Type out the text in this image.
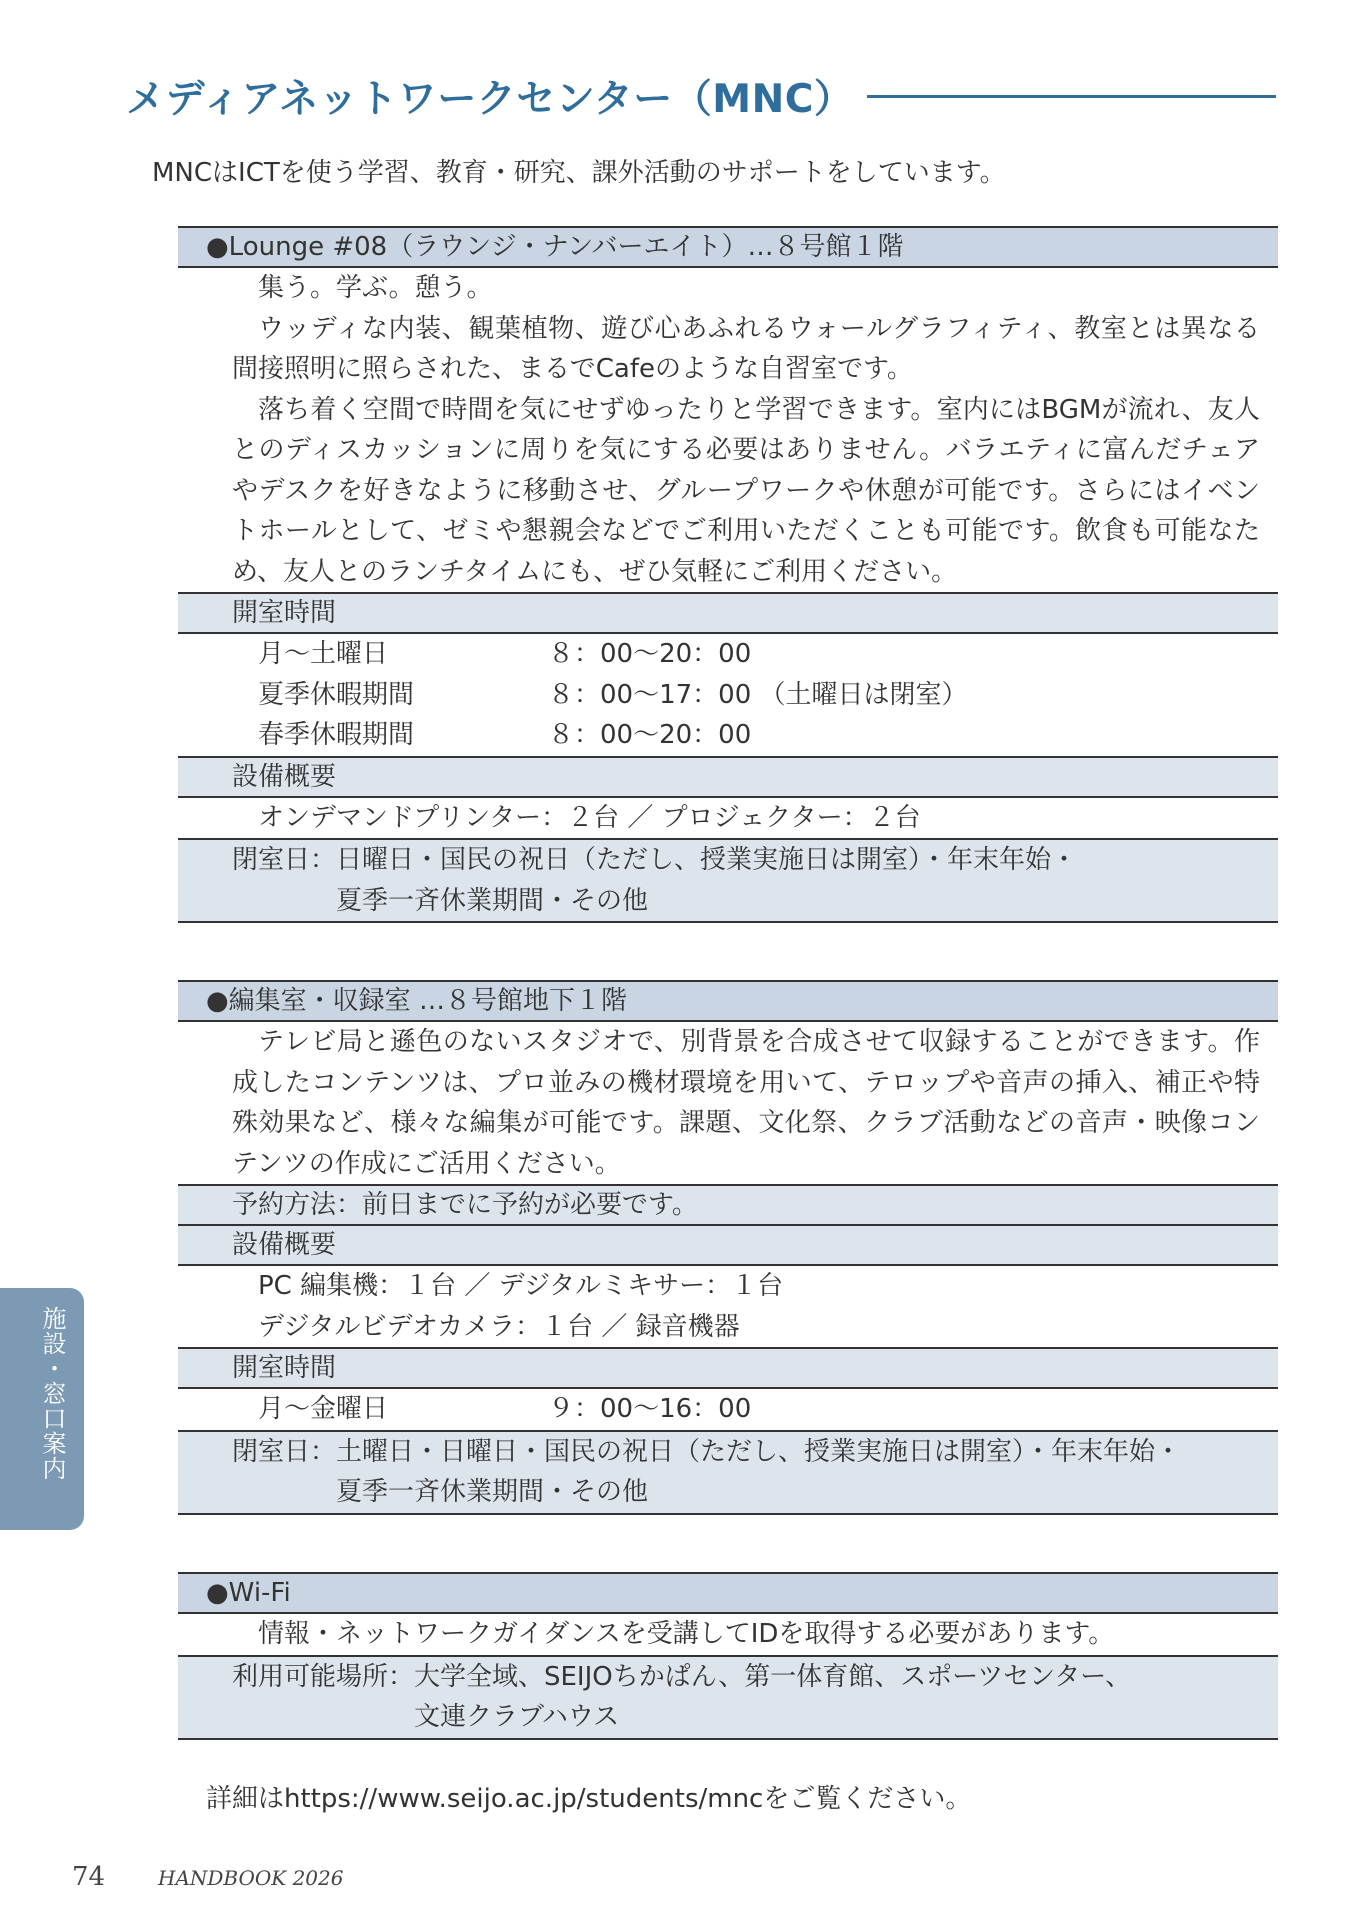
メディアネットワークセンター（MNC）
MNCはICTを使う学習、教育・研究、課外活動のサポートをしています。
●Lounge #08（ラウンジ・ナンバーエイト）…８号館１階
集う。学ぶ。憩う。
ウッディな内装、観葉植物、遊び心あふれるウォールグラフィティ、教室とは異なる間接照明に照らされた、まるでCafeのような自習室です。
落ち着く空間で時間を気にせずゆったりと学習できます。室内にはBGMが流れ、友人とのディスカッションに周りを気にする必要はありません。バラエティに富んだチェアやデスクを好きなように移動させ、グループワークや休憩が可能です。さらにはイベントホールとして、ゼミや懇親会などでご利用いただくことも可能です。飲食も可能なため、友人とのランチタイムにも、ぜひ気軽にご利用ください。
開室時間
月～土曜日	８：00～20：00
夏季休暇期間	８：00～17：00 （土曜日は閉室）
春季休暇期間	８：00～20：00
設備概要
オンデマンドプリンター：２台 ／ プロジェクター：２台
閉室日：日曜日・国民の祝日（ただし、授業実施日は開室）・年末年始・
夏季一斉休業期間・その他
●編集室・収録室 …８号館地下１階
テレビ局と遜色のないスタジオで、別背景を合成させて収録することができます。作成したコンテンツは、プロ並みの機材環境を用いて、テロップや音声の挿入、補正や特殊効果など、様々な編集が可能です。課題、文化祭、クラブ活動などの音声・映像コンテンツの作成にご活用ください。
予約方法：前日までに予約が必要です。
設備概要
PC 編集機：１台 ／ デジタルミキサー：１台
デジタルビデオカメラ：１台 ／ 録音機器
開室時間
月～金曜日	９：00～16：00
閉室日：土曜日・日曜日・国民の祝日（ただし、授業実施日は開室）・年末年始・
夏季一斉休業期間・その他
●Wi-Fi
情報・ネットワークガイダンスを受講してIDを取得する必要があります。
利用可能場所：大学全域、SEIJOちかぱん、第一体育館、スポーツセンター、
文連クラブハウス
詳細はhttps://www.seijo.ac.jp/students/mncをご覧ください。
施設・窓口案内
74	HANDBOOK 2026
